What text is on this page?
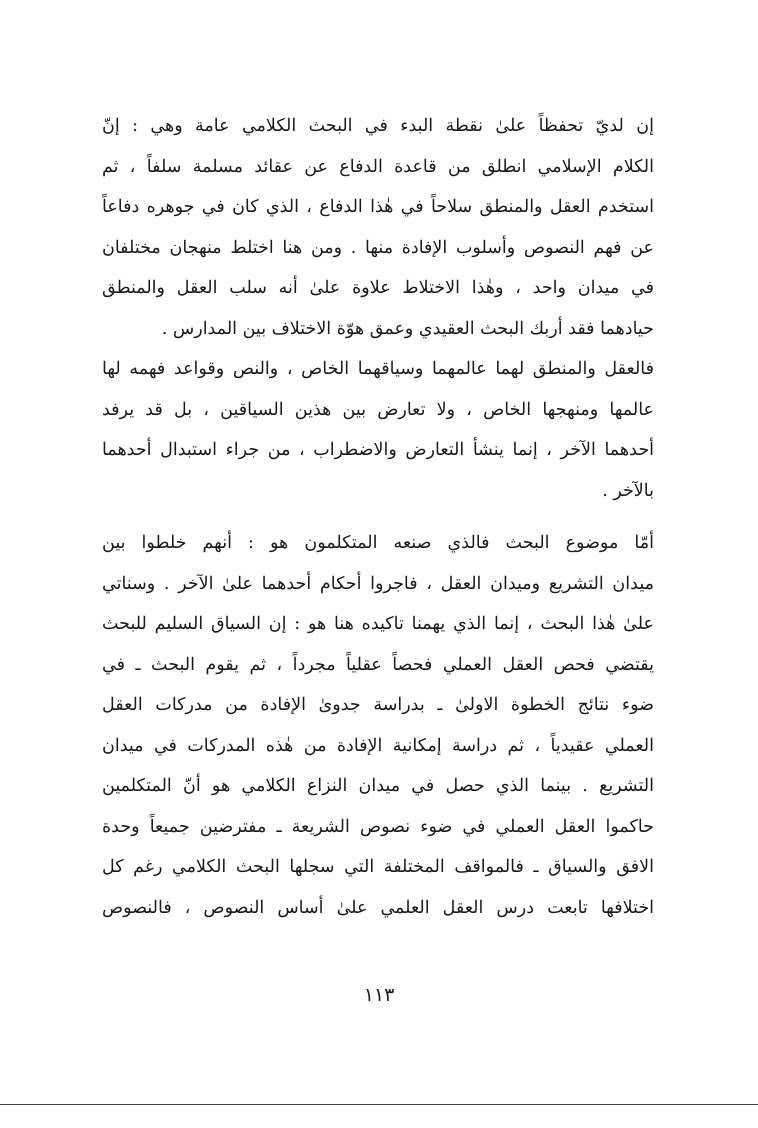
إن لديّ تحفظاً علىٰ نقطة البدء في البحث الكلامي عامة وهي : إنّ
الكلام الإسلامي انطلق من قاعدة الدفاع عن عقائد مسلمة سلفاً ، ثم
استخدم العقل والمنطق سلاحاً في هٰذا الدفاع ، الذي كان في جوهره دفاعاً
عن فهم النصوص وأسلوب الإفادة منها . ومن هنا اختلط منهجان مختلفان
في ميدان واحد ، وهٰذا الاختلاط علاوة علىٰ أنه سلب العقل والمنطق
حيادهما فقد أربك البحث العقيدي وعمق هوّة الاختلاف بين المدارس .
فالعقل والمنطق لهما عالمهما وسياقهما الخاص ، والنص وقواعد فهمه لها
عالمها ومنهجها الخاص ، ولا تعارض بين هذين السياقين ، بل قد يرفد
أحدهما الآخر ، إنما ينشأ التعارض والاضطراب ، من جراء استبدال أحدهما
بالآخر .
أمّا موضوع البحث فالذي صنعه المتكلمون هو : أنهم خلطوا بين
ميدان التشريع وميدان العقل ، فاجروا أحكام أحدهما علىٰ الآخر . وسناتي
علىٰ هٰذا البحث ، إنما الذي يهمنا تاكيده هنا هو : إن السياق السليم للبحث
يقتضي فحص العقل العملي فحصاً عقلياً مجرداً ، ثم يقوم البحث ـ في
ضوء نتائج الخطوة الاولىٰ ـ بدراسة جدوىٰ الإفادة من مدركات العقل
العملي عقيدياً ، ثم دراسة إمكانية الإفادة من هٰذه المدركات في ميدان
التشريع . بينما الذي حصل في ميدان النزاع الكلامي هو أنّ المتكلمين
حاكموا العقل العملي في ضوء نصوص الشريعة ـ مفترضين جميعاً وحدة
الافق والسياق ـ فالمواقف المختلفة التي سجلها البحث الكلامي رغم كل
اختلافها تابعت درس العقل العلمي علىٰ أساس النصوص ، فالنصوص
١١٣
